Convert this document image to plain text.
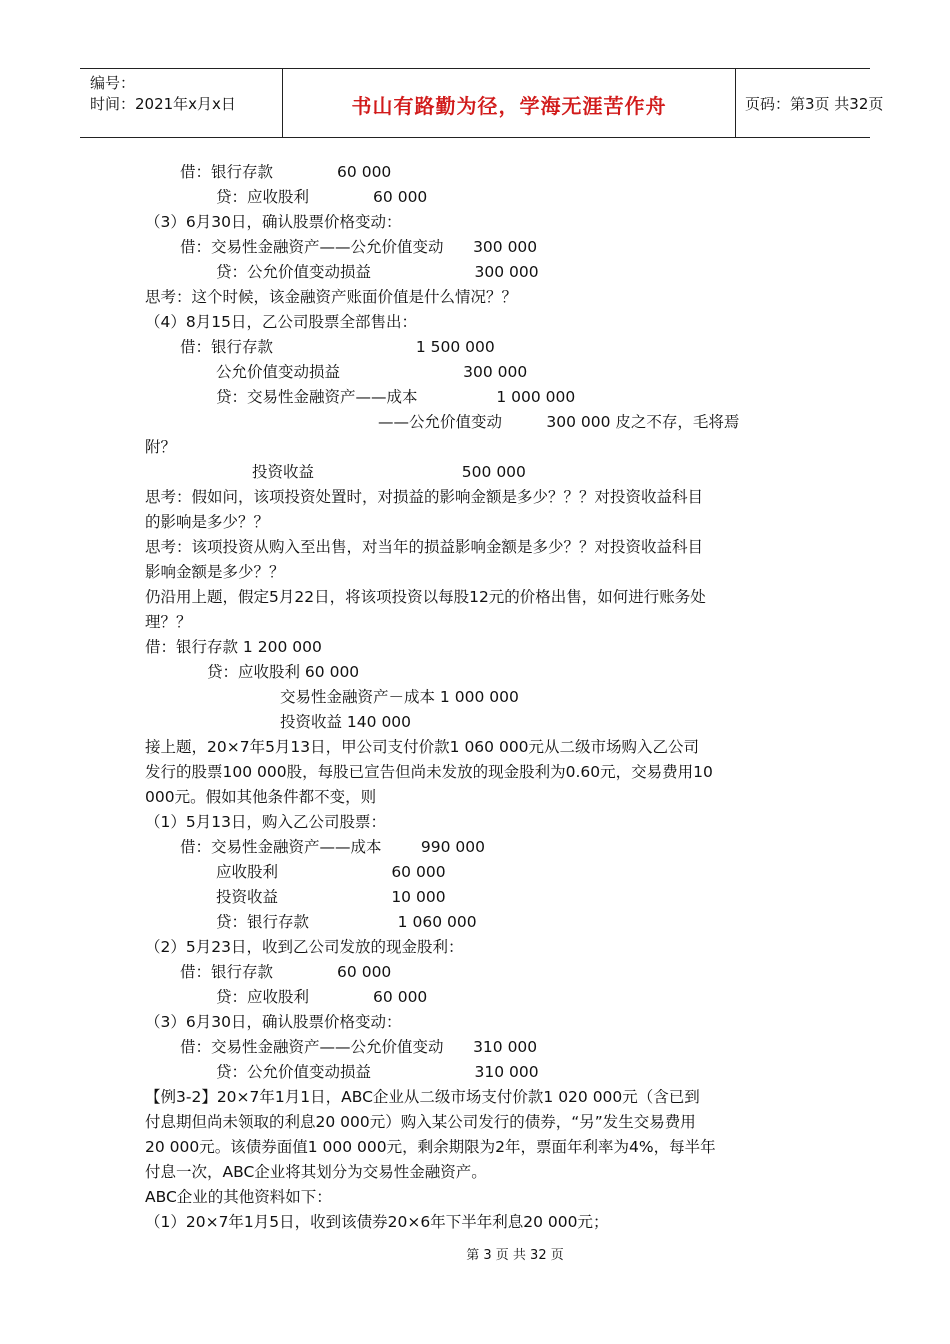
编号：
时间：2021年x月x日	书山有路勤为径，学海无涯苦作舟	页码：第3页 共32页
借：银行存款             60 000
贷：应收股利             60 000
（3）6月30日，确认股票价格变动：
借：交易性金融资产——公允价值变动      300 000
贷：公允价值变动损益                     300 000
思考：这个时候，该金融资产账面价值是什么情况？？
（4）8月15日，乙公司股票全部售出：
借：银行存款                             1 500 000
公允价值变动损益                         300 000
贷：交易性金融资产——成本                1 000 000
——公允价值变动         300 000 皮之不存，毛将焉
附？
投资收益                              500 000
思考：假如问，该项投资处置时，对损益的影响金额是多少？？？对投资收益科目
的影响是多少？？
思考：该项投资从购入至出售，对当年的损益影响金额是多少？？对投资收益科目
影响金额是多少？？
仍沿用上题，假定5月22日，将该项投资以每股12元的价格出售，如何进行账务处
理？？
借：银行存款 1 200 000
贷：应收股利 60 000
交易性金融资产－成本 1 000 000
投资收益 140 000
接上题，20×7年5月13日，甲公司支付价款1 060 000元从二级市场购入乙公司
发行的股票100 000股，每股已宣告但尚未发放的现金股利为0.60元，交易费用10
000元。假如其他条件都不变，则
（1）5月13日，购入乙公司股票：
借：交易性金融资产——成本        990 000
应收股利                       60 000
投资收益                       10 000
贷：银行存款                  1 060 000
（2）5月23日，收到乙公司发放的现金股利：
借：银行存款             60 000
贷：应收股利             60 000
（3）6月30日，确认股票价格变动：
借：交易性金融资产——公允价值变动      310 000
贷：公允价值变动损益                     310 000
【例3-2】20×7年1月1日，ABC企业从二级市场支付价款1 020 000元（含已到
付息期但尚未领取的利息20 000元）购入某公司发行的债券，“另”发生交易费用
20 000元。该债券面值1 000 000元，剩余期限为2年，票面年利率为4%，每半年
付息一次，ABC企业将其划分为交易性金融资产。
ABC企业的其他资料如下：
（1）20×7年1月5日，收到该债券20×6年下半年利息20 000元；
第 3 页 共 32 页
